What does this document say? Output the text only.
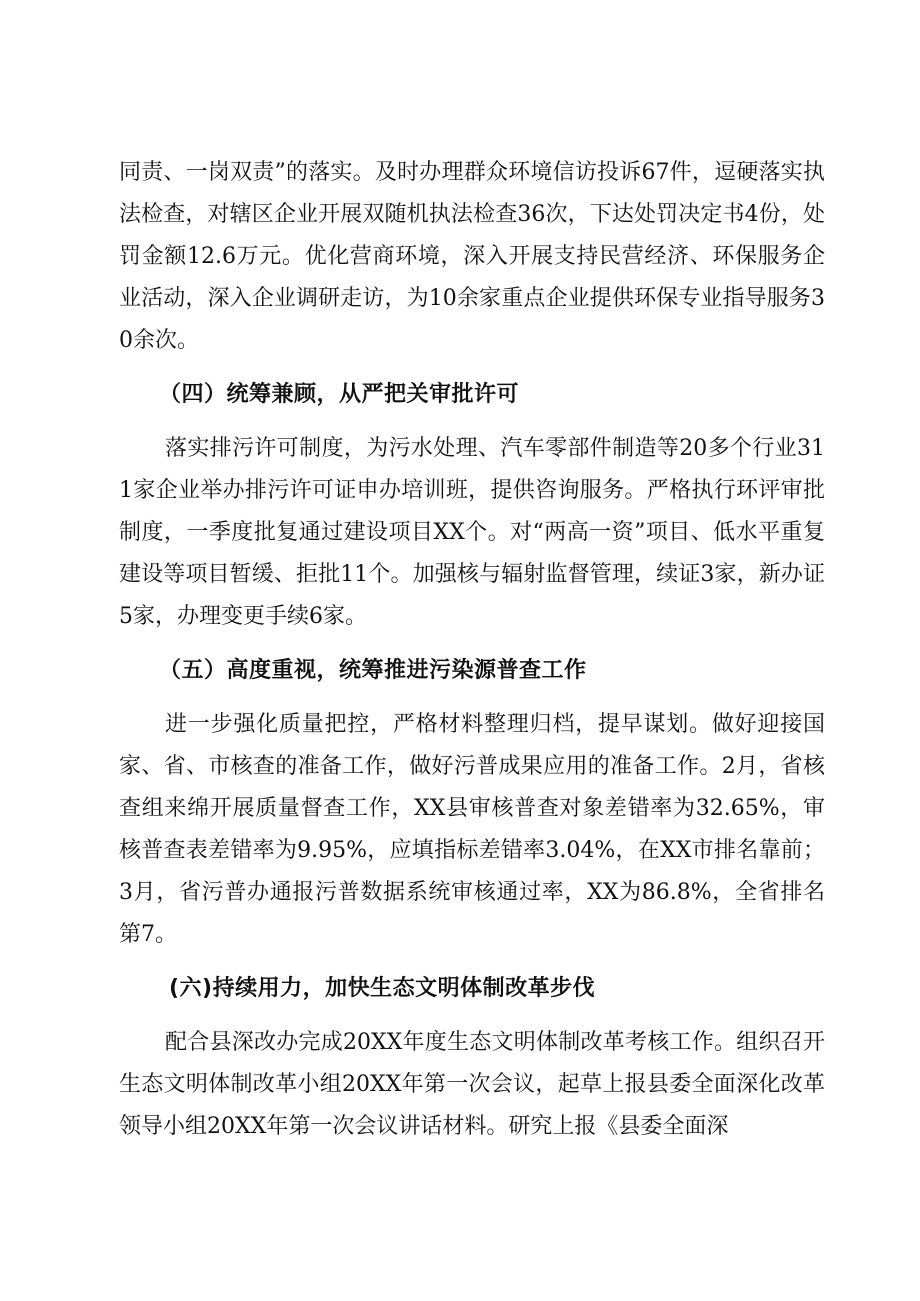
同责、一岗双责”的落实。及时办理群众环境信访投诉67件，逗硬落实执法检查，对辖区企业开展双随机执法检查36次，下达处罚决定书4份，处罚金额12.6万元。优化营商环境，深入开展支持民营经济、环保服务企业活动，深入企业调研走访，为10余家重点企业提供环保专业指导服务30余次。

（四）统筹兼顾，从严把关审批许可

落实排污许可制度，为污水处理、汽车零部件制造等20多个行业311家企业举办排污许可证申办培训班，提供咨询服务。严格执行环评审批制度，一季度批复通过建设项目XX个。对“两高一资”项目、低水平重复建设等项目暂缓、拒批11个。加强核与辐射监督管理，续证3家，新办证5家，办理变更手续6家。

（五）高度重视，统筹推进污染源普查工作

进一步强化质量把控，严格材料整理归档，提早谋划。做好迎接国家、省、市核查的准备工作，做好污普成果应用的准备工作。2月，省核查组来绵开展质量督查工作，XX县审核普查对象差错率为32.65%，审核普查表差错率为9.95%，应填指标差错率3.04%，在XX市排名靠前；3月，省污普办通报污普数据系统审核通过率，XX为86.8%，全省排名第7。

(六)持续用力，加快生态文明体制改革步伐

配合县深改办完成20XX年度生态文明体制改革考核工作。组织召开生态文明体制改革小组20XX年第一次会议，起草上报县委全面深化改革领导小组20XX年第一次会议讲话材料。研究上报《县委全面深
